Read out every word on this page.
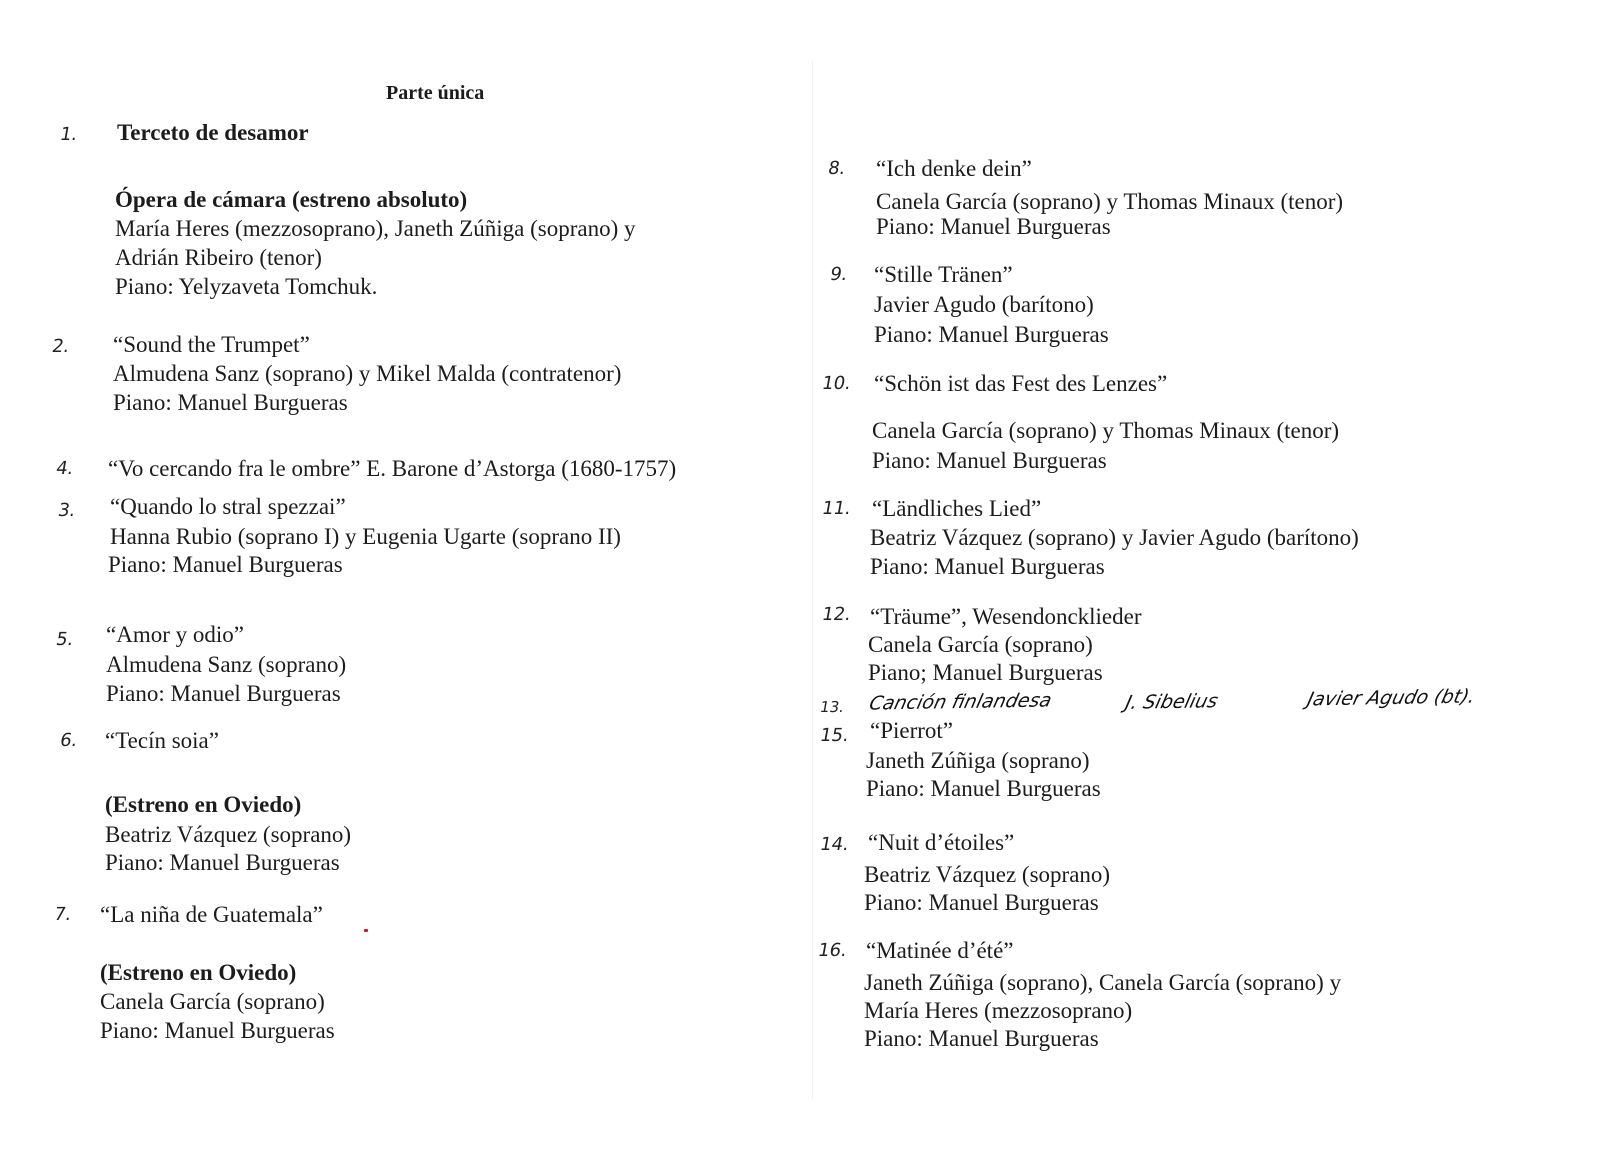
Parte única
1. Terceto de desamor
Ópera de cámara (estreno absoluto)
María Heres (mezzosoprano), Janeth Zúñiga (soprano) y
Adrián Ribeiro (tenor)
Piano: Yelyzaveta Tomchuk.
2. “Sound the Trumpet”
Almudena Sanz (soprano) y Mikel Malda (contratenor)
Piano: Manuel Burgueras
4. “Vo cercando fra le ombre” E. Barone d’Astorga (1680-1757)
3. “Quando lo stral spezzai”
Hanna Rubio (soprano I) y Eugenia Ugarte (soprano II)
Piano: Manuel Burgueras
5. “Amor y odio”
Almudena Sanz (soprano)
Piano: Manuel Burgueras
6. “Tecín soia”
(Estreno en Oviedo)
Beatriz Vázquez (soprano)
Piano: Manuel Burgueras
7. “La niña de Guatemala”
(Estreno en Oviedo)
Canela García (soprano)
Piano: Manuel Burgueras
8. “Ich denke dein”
Canela García (soprano) y Thomas Minaux (tenor)
Piano: Manuel Burgueras
9. “Stille Tränen”
Javier Agudo (barítono)
Piano: Manuel Burgueras
10. “Schön ist das Fest des Lenzes”
Canela García (soprano) y Thomas Minaux (tenor)
Piano: Manuel Burgueras
11. “Ländliches Lied”
Beatriz Vázquez (soprano) y Javier Agudo (barítono)
Piano: Manuel Burgueras
12. “Träume”, Wesendoncklieder
Canela García (soprano)
Piano; Manuel Burgueras
13. Canción finlandesa	J. Sibelius	Javier Agudo (bt).
15. “Pierrot”
Janeth Zúñiga (soprano)
Piano: Manuel Burgueras
14. “Nuit d’étoiles”
Beatriz Vázquez (soprano)
Piano: Manuel Burgueras
16. “Matinée d’été”
Janeth Zúñiga (soprano), Canela García (soprano) y
María Heres (mezzosoprano)
Piano: Manuel Burgueras
